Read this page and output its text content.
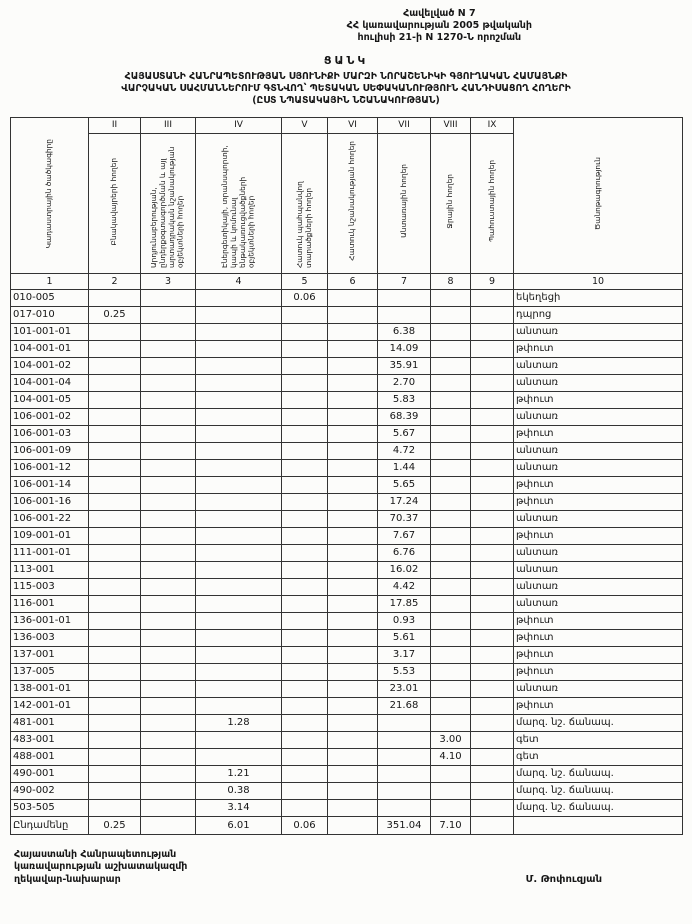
Հավելված N 7
ՀՀ կառավարության 2005 թվականի
հուլիսի 21-ի N 1270-Ն որոշման
ՑԱՆԿ
ՀԱՅԱՍՏԱՆԻ ՀԱՆՐԱՊԵՏՈՒԹՅԱՆ ՍՅՈՒՆԻՔԻ ՄԱՐԶԻ ՆՈՐԱՇԵՆԻԿԻ ԳՅՈՒՂԱԿԱՆ ՀԱՄԱՅՆՔԻ
ՎԱՐՉԱԿԱՆ ՍԱՀՄԱՆՆԵՐՈՒՄ ԳՏՆՎՈՂ՝ ՊԵՏԱԿԱՆ ՍԵՓԱԿԱՆՈՒԹՅՈՒՆ ՀԱՆԴԻՍԱՑՈՂ ՀՈՂԵՐԻ
(ԸՍՏ ՆՊԱՏԱԿԱՅԻՆ ՆՇԱՆԱԿՈՒԹՅԱՆ)
Կադաստրային ծածկագիրը	II	III	IV	V	VI	VII	VIII	IX	Ծանոթագրություն
	Բնակավայրերի հողեր	Արդյունաբերության, ընդերքօգտագործման և այլ արտադրական նշանակության օբյեկտների հողեր	Էներգետիկայի, տրանսպորտի, կապի և կոմունալ ենթակառուցվածքների օբյեկտների հողեր	Հատուկ պահպանվող տարածքների հողեր	Հատուկ նշանակության հողեր	Անտառային հողեր	Ջրային հողեր	Պահուստային հողեր	
1	2	3	4	5	6	7	8	9	10
010-005				0.06					եկեղեցի
017-010	0.25								դպրոց
101-001-01						6.38			անտառ
104-001-01						14.09			թփուտ
104-001-02						35.91			անտառ
104-001-04						2.70			անտառ
104-001-05						5.83			թփուտ
106-001-02						68.39			անտառ
106-001-03						5.67			թփուտ
106-001-09						4.72			անտառ
106-001-12						1.44			անտառ
106-001-14						5.65			թփուտ
106-001-16						17.24			թփուտ
106-001-22						70.37			անտառ
109-001-01						7.67			թփուտ
111-001-01						6.76			անտառ
113-001						16.02			անտառ
115-003						4.42			անտառ
116-001						17.85			անտառ
136-001-01						0.93			թփուտ
136-003						5.61			թփուտ
137-001						3.17			թփուտ
137-005						5.53			թփուտ
138-001-01						23.01			անտառ
142-001-01						21.68			թփուտ
481-001			1.28						մարզ. նշ. ճանապ.
483-001							3.00		գետ
488-001							4.10		գետ
490-001			1.21						մարզ. նշ. ճանապ.
490-002			0.38						մարզ. նշ. ճանապ.
503-505			3.14						մարզ. նշ. ճանապ.
Ընդամենը	0.25		6.01	0.06		351.04	7.10		
Հայաստանի Հանրապետության
կառավարության աշխատակազմի
ղեկավար-նախարար	Մ. Թոփուզյան
